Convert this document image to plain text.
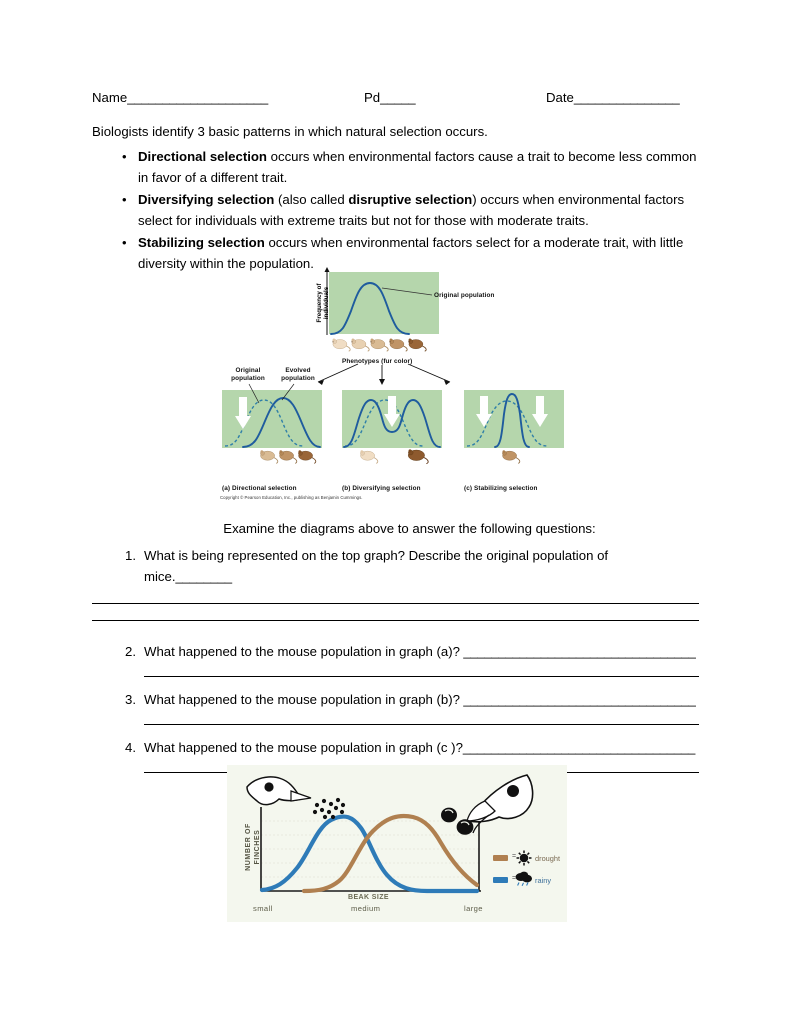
Name____________________	Pd_____	Date_______________
Biologists identify 3 basic patterns in which natural selection occurs.
• Directional selection occurs when environmental factors cause a trait to become less common in favor of a different trait.
• Diversifying selection (also called disruptive selection) occurs when environmental factors select for individuals with extreme traits but not for those with moderate traits.
• Stabilizing selection occurs when environmental factors select for a moderate trait, with little diversity within the population.
Frequency of individuals	Original population
Phenotypes (fur color)
Original population
Evolved population
(a) Directional selection	(b) Diversifying selection	(c) Stabilizing selection
Copyright © Pearson Education, Inc., publishing as Benjamin Cummings.
Examine the diagrams above to answer the following questions:
1. What is being represented on the top graph? Describe the original population of mice.________
2. What happened to the mouse population in graph (a)? _________________________________
3. What happened to the mouse population in graph (b)? _________________________________
4. What happened to the mouse population in graph (c )?_________________________________
NUMBER OF FINCHES
BEAK SIZE
small	medium	large
=
=
drought
rainy
